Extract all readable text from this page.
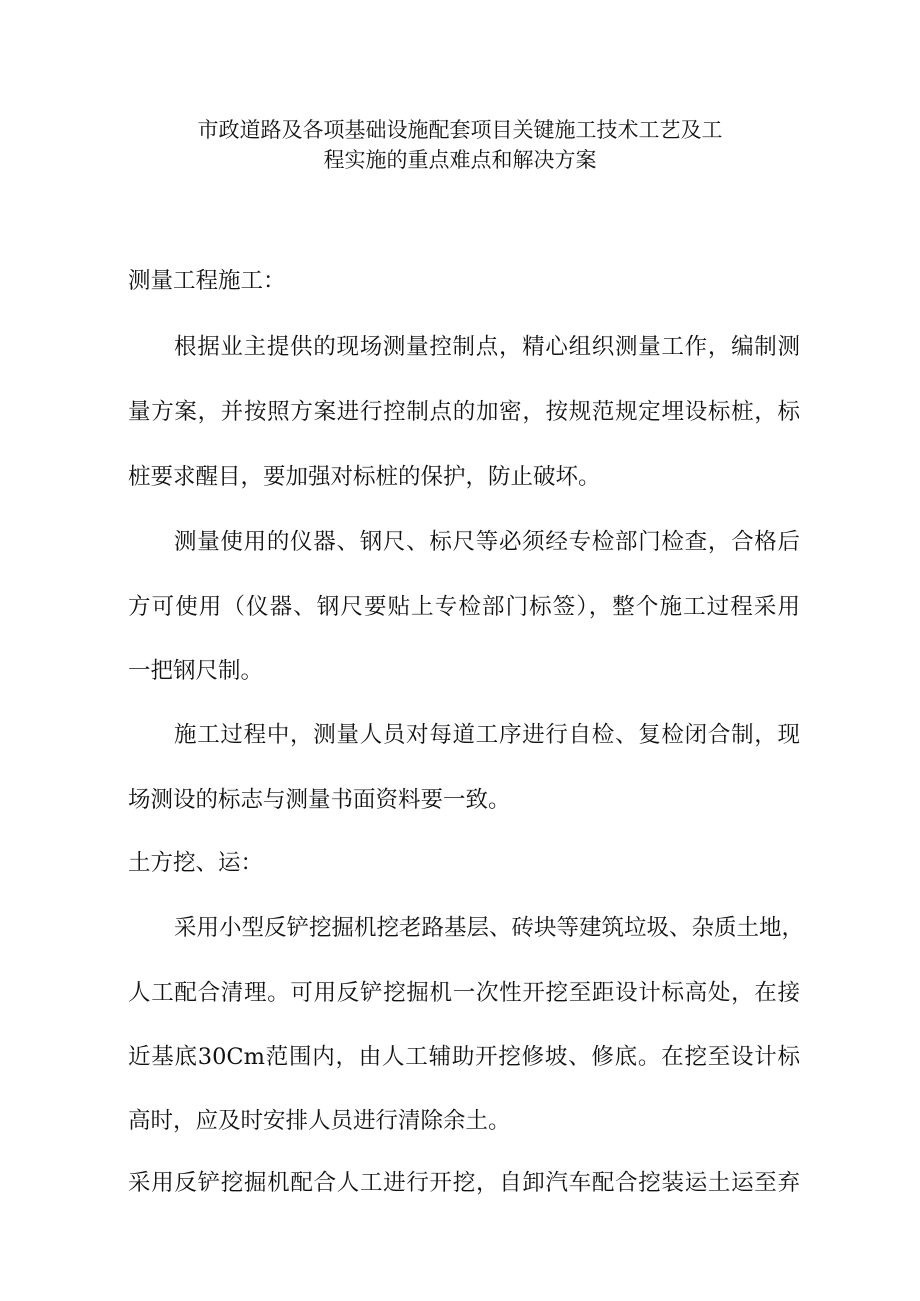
市政道路及各项基础设施配套项目关键施工技术工艺及工
程实施的重点难点和解决方案
测量工程施工：
根据业主提供的现场测量控制点，精心组织测量工作，编制测
量方案，并按照方案进行控制点的加密，按规范规定埋设标桩，标
桩要求醒目，要加强对标桩的保护，防止破坏。
测量使用的仪器、钢尺、标尺等必须经专检部门检查，合格后
方可使用（仪器、钢尺要贴上专检部门标签），整个施工过程采用
一把钢尺制。
施工过程中，测量人员对每道工序进行自检、复检闭合制，现
场测设的标志与测量书面资料要一致。
土方挖、运：
采用小型反铲挖掘机挖老路基层、砖块等建筑垃圾、杂质土地，
人工配合清理。可用反铲挖掘机一次性开挖至距设计标高处，在接
近基底30Cm范围内，由人工辅助开挖修坡、修底。在挖至设计标
高时，应及时安排人员进行清除余土。
采用反铲挖掘机配合人工进行开挖，自卸汽车配合挖装运土运至弃
